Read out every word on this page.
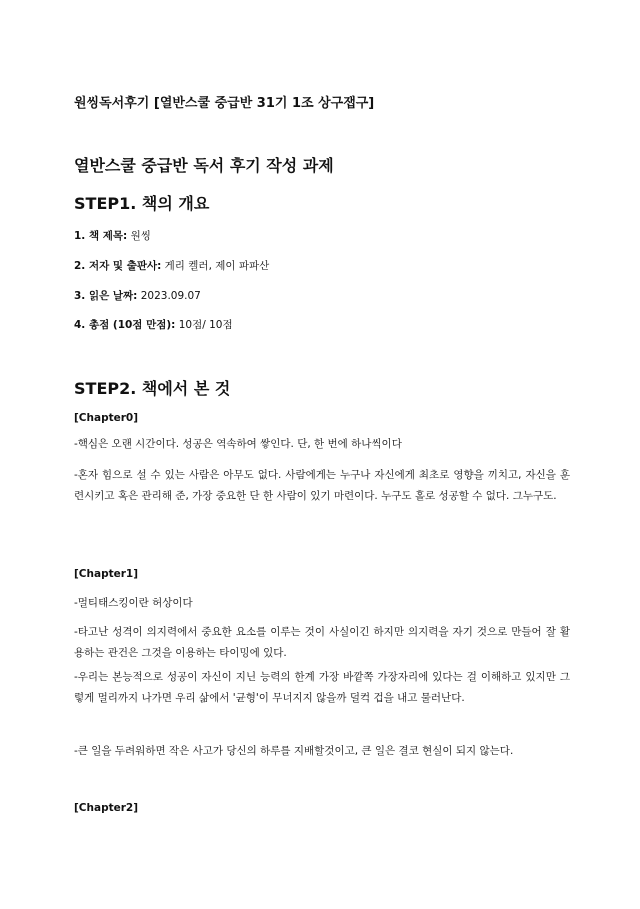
원씽독서후기 [열반스쿨 중급반 31기 1조 상구잽구]
열반스쿨 중급반 독서 후기 작성 과제
STEP1. 책의 개요
1. 책 제목: 원씽
2. 저자 및 출판사: 게리 켈러, 제이 파파산
3. 읽은 날짜: 2023.09.07
4. 총점 (10점 만점): 10점/ 10점
STEP2. 책에서 본 것
[Chapter0]
-핵심은 오랜 시간이다. 성공은 역속하여 쌓인다. 단, 한 번에 하나씩이다
-혼자 힘으로 설 수 있는 사람은 아무도 없다. 사람에게는 누구나 자신에게 최초로 영향을 끼치고, 자신을 훈련시키고 혹은 관리해 준, 가장 중요한 단 한 사람이 있기 마련이다. 누구도 홀로 성공할 수 없다. 그누구도.
[Chapter1]
-멀티태스킹이란 허상이다
-타고난 성격이 의지력에서 중요한 요소를 이루는 것이 사실이긴 하지만 의지력을 자기 것으로 만들어 잘 활용하는 관건은 그것을 이용하는 타이밍에 있다.
-우리는 본능적으로 성공이 자신이 지닌 능력의 한계 가장 바깥쪽 가장자리에 있다는 걸 이해하고 있지만 그렇게 멀리까지 나가면 우리 삶에서 '균형'이 무너지지 않을까 덜컥 겁을 내고 물러난다.
-큰 일을 두려워하면 작은 사고가 당신의 하루를 지배할것이고, 큰 일은 결코 현실이 되지 않는다.
[Chapter2]
